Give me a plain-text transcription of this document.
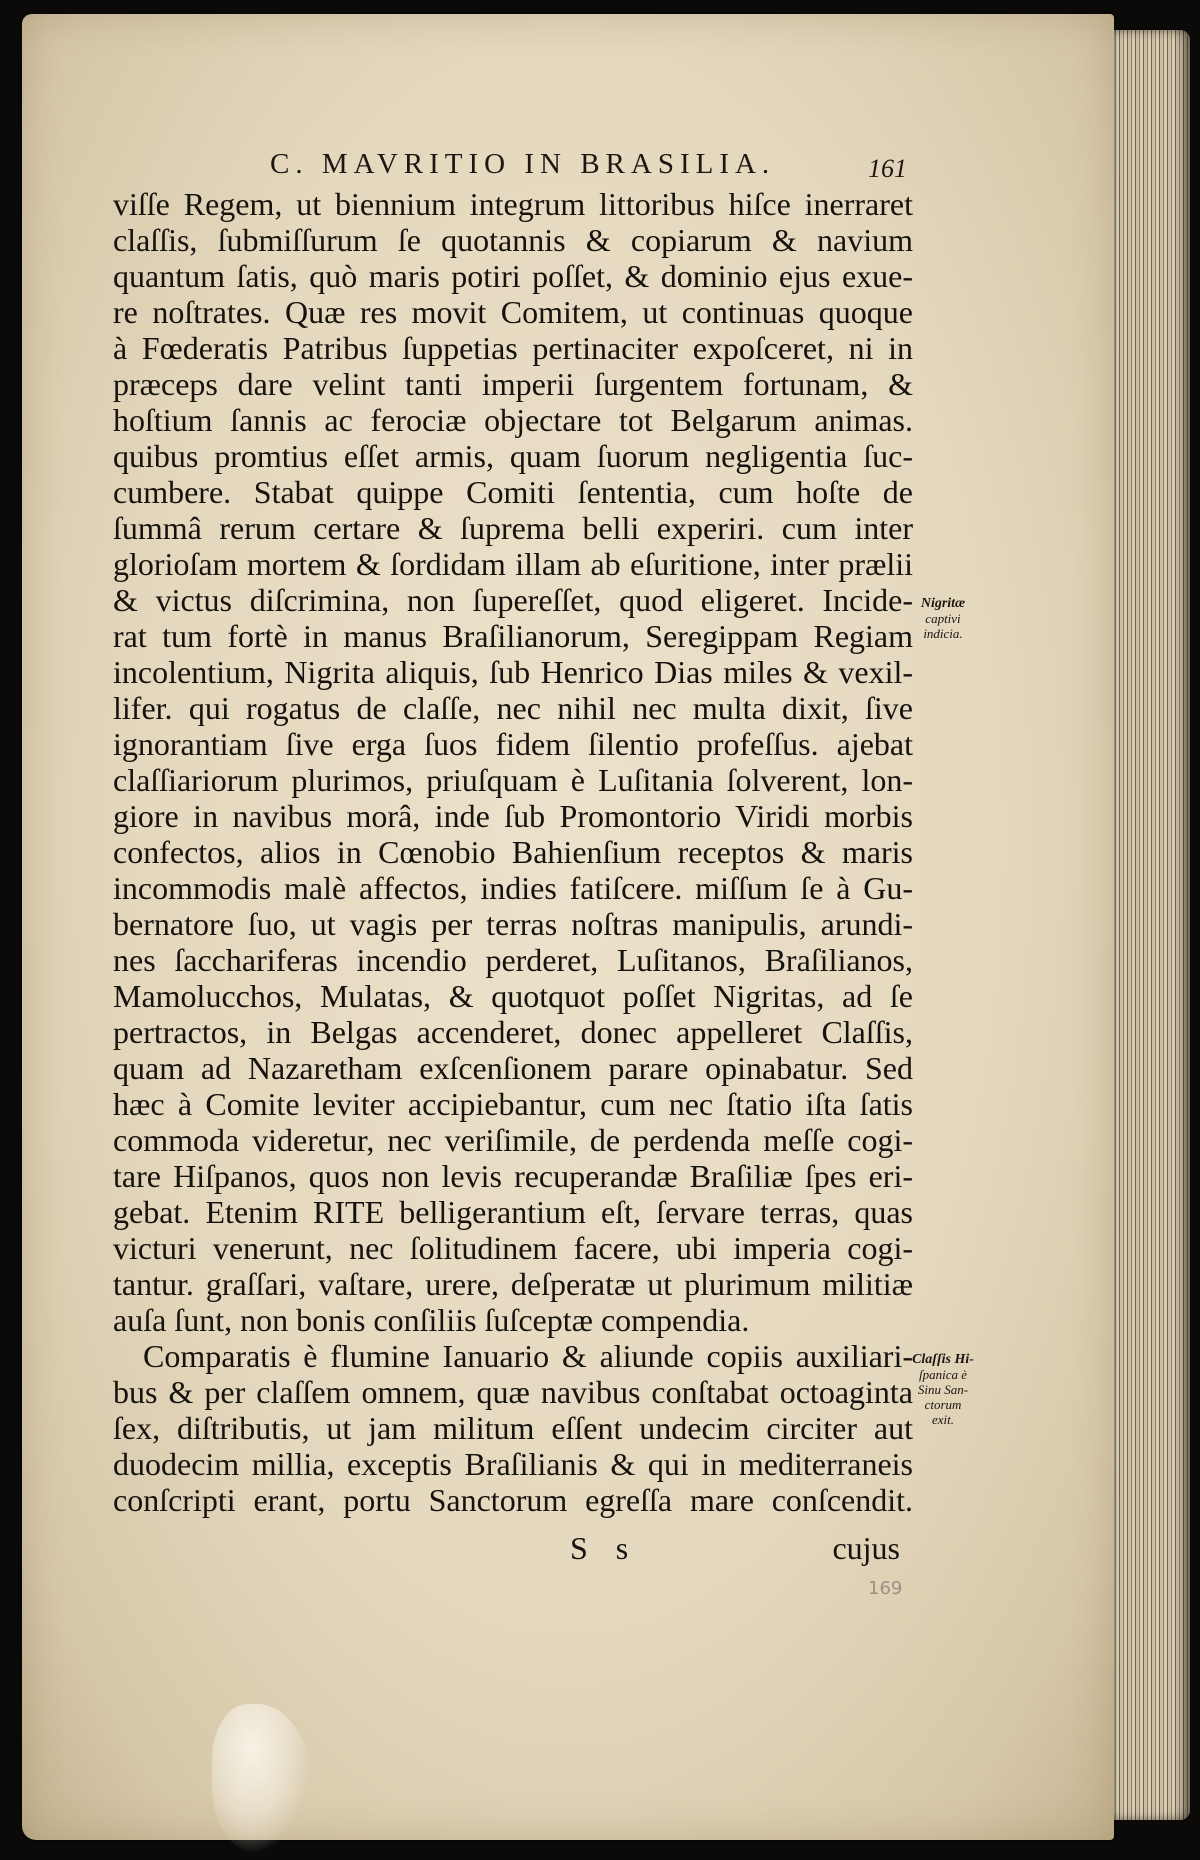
C. MAVRITIO IN BRASILIA.	161
viſſe Regem, ut biennium integrum littoribus hiſce inerraret
claſſis, ſubmiſſurum ſe quotannis & copiarum & navium
quantum ſatis, quò maris potiri poſſet, & dominio ejus exue-
re noſtrates. Quæ res movit Comitem, ut continuas quoque
à Fœderatis Patribus ſuppetias pertinaciter expoſceret, ni in
præceps dare velint tanti imperii ſurgentem fortunam, &
hoſtium ſannis ac ferociæ objectare tot Belgarum animas.
quibus promtius eſſet armis, quam ſuorum negligentia ſuc-
cumbere. Stabat quippe Comiti ſententia, cum hoſte de
ſummâ rerum certare & ſuprema belli experiri. cum inter
glorioſam mortem & ſordidam illam ab eſuritione, inter prælii
& victus diſcrimina, non ſupereſſet, quod eligeret. Incide-
rat tum fortè in manus Braſilianorum, Seregippam Regiam
incolentium, Nigrita aliquis, ſub Henrico Dias miles & vexil-
lifer. qui rogatus de claſſe, nec nihil nec multa dixit, ſive
ignorantiam ſive erga ſuos fidem ſilentio profeſſus. ajebat
claſſiariorum plurimos, priuſquam è Luſitania ſolverent, lon-
giore in navibus morâ, inde ſub Promontorio Viridi morbis
confectos, alios in Cœnobio Bahienſium receptos & maris
incommodis malè affectos, indies fatiſcere. miſſum ſe à Gu-
bernatore ſuo, ut vagis per terras noſtras manipulis, arundi-
nes ſacchariferas incendio perderet, Luſitanos, Braſilianos,
Mamolucchos, Mulatas, & quotquot poſſet Nigritas, ad ſe
pertractos, in Belgas accenderet, donec appelleret Claſſis,
quam ad Nazaretham exſcenſionem parare opinabatur. Sed
hæc à Comite leviter accipiebantur, cum nec ſtatio iſta ſatis
commoda videretur, nec veriſimile, de perdenda meſſe cogi-
tare Hiſpanos, quos non levis recuperandæ Braſiliæ ſpes eri-
gebat. Etenim RITE belligerantium eſt, ſervare terras, quas
victuri venerunt, nec ſolitudinem facere, ubi imperia cogi-
tantur. graſſari, vaſtare, urere, deſperatæ ut plurimum militiæ
auſa ſunt, non bonis conſiliis ſuſceptæ compendia.
Comparatis è flumine Ianuario & aliunde copiis auxiliari-
bus & per claſſem omnem, quæ navibus conſtabat octoaginta
ſex, diſtributis, ut jam militum eſſent undecim circiter aut
duodecim millia, exceptis Braſilianis & qui in mediterraneis
conſcripti erant, portu Sanctorum egreſſa mare conſcendit.
Nigritæ
captivi
indicia.
Claſſis Hi-
ſpanica è
Sinu San-
ctorum
exit.
S s	cujus
169
